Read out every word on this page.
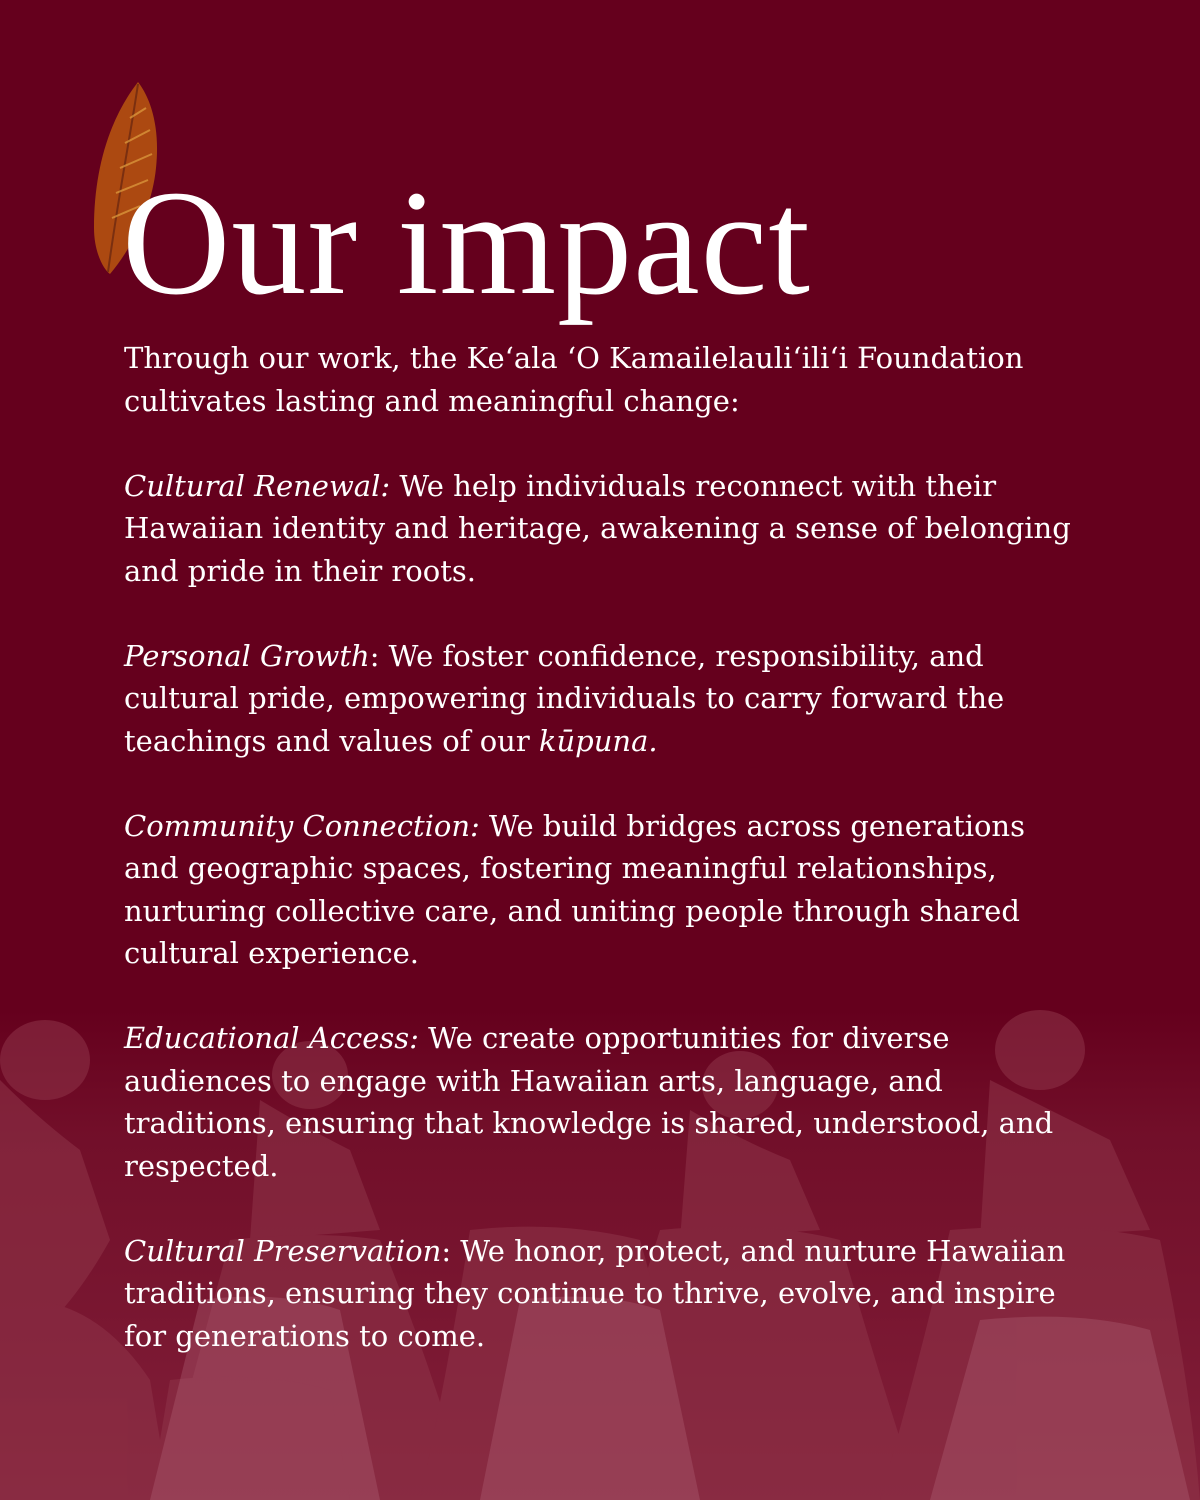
Our impact

Through our work, the Ke‘ala ‘O Kamailelauli‘ili‘i Foundation cultivates lasting and meaningful change:

Cultural Renewal: We help individuals reconnect with their Hawaiian identity and heritage, awakening a sense of belonging and pride in their roots.

Personal Growth: We foster confidence, responsibility, and cultural pride, empowering individuals to carry forward the teachings and values of our kūpuna.

Community Connection: We build bridges across generations and geographic spaces, fostering meaningful relationships, nurturing collective care, and uniting people through shared cultural experience.

Educational Access: We create opportunities for diverse audiences to engage with Hawaiian arts, language, and traditions, ensuring that knowledge is shared, understood, and respected.

Cultural Preservation: We honor, protect, and nurture Hawaiian traditions, ensuring they continue to thrive, evolve, and inspire for generations to come.
